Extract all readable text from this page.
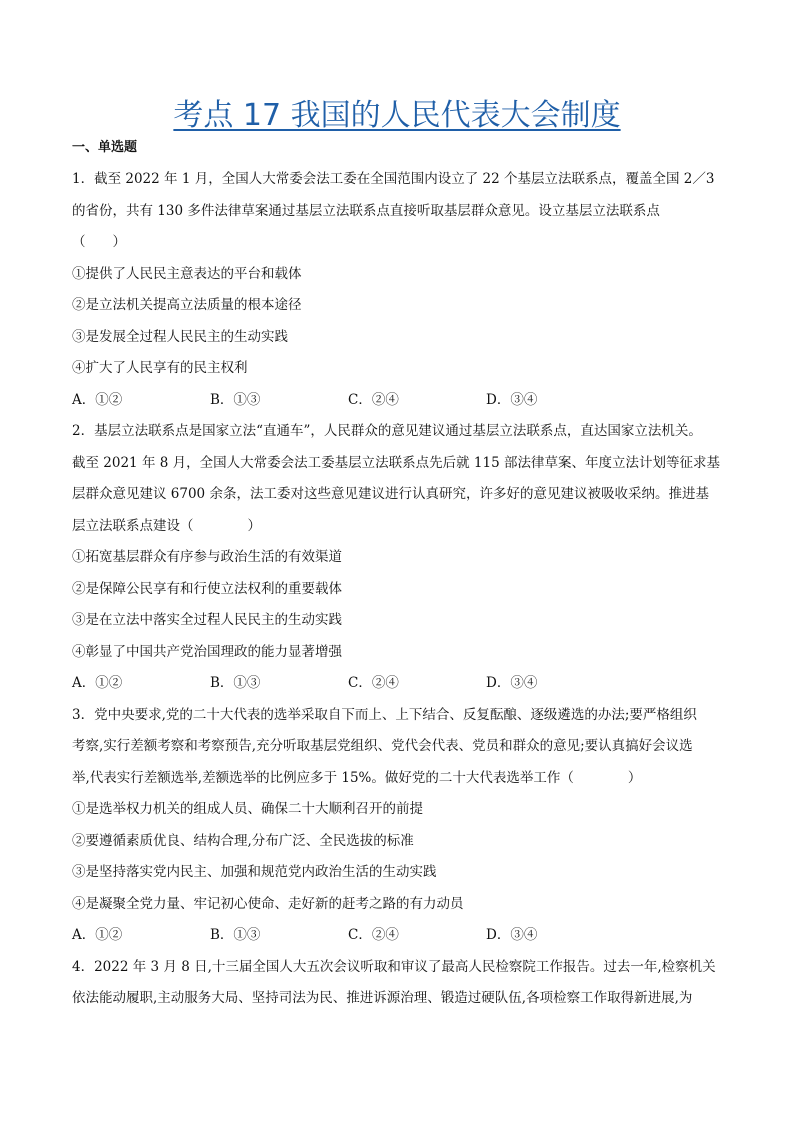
考点 17 我国的人民代表大会制度
一、单选题
1．截至 2022 年 1 月，全国人大常委会法工委在全国范围内设立了 22 个基层立法联系点，覆盖全国 2／3
的省份，共有 130 多件法律草案通过基层立法联系点直接听取基层群众意见。设立基层立法联系点
（　　）
①提供了人民民主意表达的平台和载体
②是立法机关提高立法质量的根本途径
③是发展全过程人民民主的生动实践
④扩大了人民享有的民主权利
A．①②	B．①③	C．②④	D．③④
2．基层立法联系点是国家立法“直通车”，人民群众的意见建议通过基层立法联系点，直达国家立法机关。
截至 2021 年 8 月，全国人大常委会法工委基层立法联系点先后就 115 部法律草案、年度立法计划等征求基
层群众意见建议 6700 余条，法工委对这些意见建议进行认真研究，许多好的意见建议被吸收采纳。推进基
层立法联系点建设（　　　　）
①拓宽基层群众有序参与政治生活的有效渠道
②是保障公民享有和行使立法权利的重要载体
③是在立法中落实全过程人民民主的生动实践
④彰显了中国共产党治国理政的能力显著增强
A．①②	B．①③	C．②④	D．③④
3．党中央要求,党的二十大代表的选举采取自下而上、上下结合、反复酝酿、逐级遴选的办法;要严格组织
考察,实行差额考察和考察预告,充分听取基层党组织、党代会代表、党员和群众的意见;要认真搞好会议选
举,代表实行差额选举,差额选举的比例应多于 15%。做好党的二十大代表选举工作（　　　　）
①是选举权力机关的组成人员、确保二十大顺利召开的前提
②要遵循素质优良、结构合理,分布广泛、全民选拔的标准
③是坚持落实党内民主、加强和规范党内政治生活的生动实践
④是凝聚全党力量、牢记初心使命、走好新的赶考之路的有力动员
A．①②	B．①③	C．②④	D．③④
4．2022 年 3 月 8 日,十三届全国人大五次会议听取和审议了最高人民检察院工作报告。过去一年,检察机关
依法能动履职,主动服务大局、坚持司法为民、推进诉源治理、锻造过硬队伍,各项检察工作取得新进展,为
